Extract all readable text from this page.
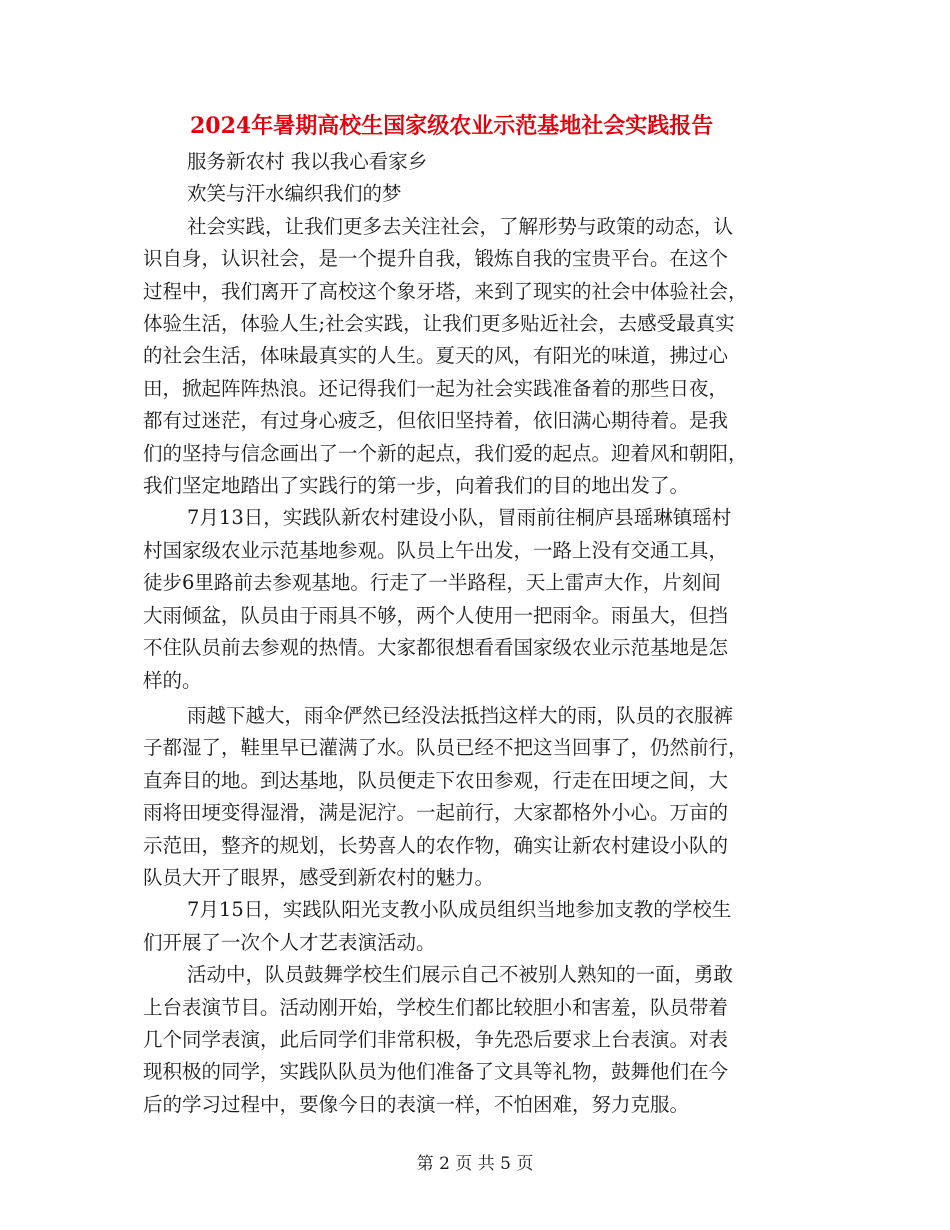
2024年暑期高校生国家级农业示范基地社会实践报告
服务新农村 我以我心看家乡
欢笑与汗水编织我们的梦
社会实践，让我们更多去关注社会，了解形势与政策的动态，认
识自身，认识社会，是一个提升自我，锻炼自我的宝贵平台。在这个
过程中，我们离开了高校这个象牙塔，来到了现实的社会中体验社会，
体验生活，体验人生;社会实践，让我们更多贴近社会，去感受最真实
的社会生活，体味最真实的人生。夏天的风，有阳光的味道，拂过心
田，掀起阵阵热浪。还记得我们一起为社会实践准备着的那些日夜，
都有过迷茫，有过身心疲乏，但依旧坚持着，依旧满心期待着。是我
们的坚持与信念画出了一个新的起点，我们爱的起点。迎着风和朝阳，
我们坚定地踏出了实践行的第一步，向着我们的目的地出发了。
7月13日，实践队新农村建设小队，冒雨前往桐庐县瑶琳镇瑶村
村国家级农业示范基地参观。队员上午出发，一路上没有交通工具，
徒步6里路前去参观基地。行走了一半路程，天上雷声大作，片刻间
大雨倾盆，队员由于雨具不够，两个人使用一把雨伞。雨虽大，但挡
不住队员前去参观的热情。大家都很想看看国家级农业示范基地是怎
样的。
雨越下越大，雨伞俨然已经没法抵挡这样大的雨，队员的衣服裤
子都湿了，鞋里早已灌满了水。队员已经不把这当回事了，仍然前行，
直奔目的地。到达基地，队员便走下农田参观，行走在田埂之间，大
雨将田埂变得湿滑，满是泥泞。一起前行，大家都格外小心。万亩的
示范田，整齐的规划，长势喜人的农作物，确实让新农村建设小队的
队员大开了眼界，感受到新农村的魅力。
7月15日，实践队阳光支教小队成员组织当地参加支教的学校生
们开展了一次个人才艺表演活动。
活动中，队员鼓舞学校生们展示自己不被别人熟知的一面，勇敢
上台表演节目。活动刚开始，学校生们都比较胆小和害羞，队员带着
几个同学表演，此后同学们非常积极，争先恐后要求上台表演。对表
现积极的同学，实践队队员为他们准备了文具等礼物，鼓舞他们在今
后的学习过程中，要像今日的表演一样，不怕困难，努力克服。
第 2 页 共 5 页
